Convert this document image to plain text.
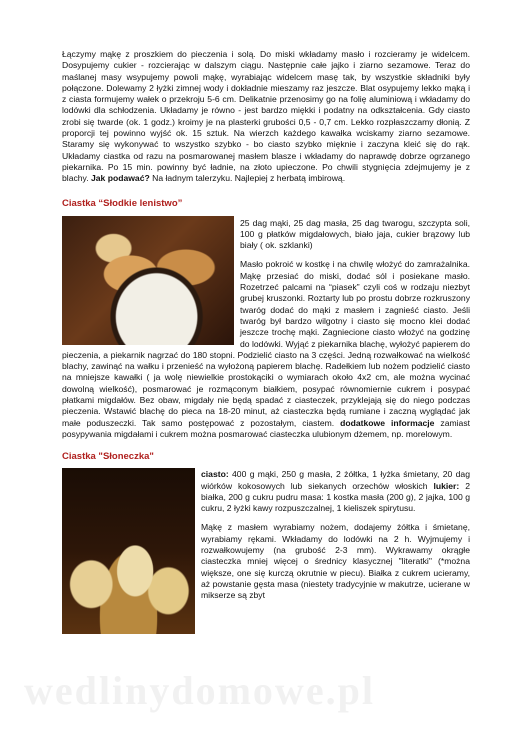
Łączymy mąkę z proszkiem do pieczenia i solą. Do miski wkładamy masło i rozcieramy je widelcem. Dosypujemy cukier - rozcierając w dalszym ciągu. Następnie całe jajko i ziarno sezamowe. Teraz do maślanej masy wsypujemy powoli mąkę, wyrabiając widelcem masę tak, by wszystkie składniki były połączone. Dolewamy 2 łyżki zimnej wody i dokładnie mieszamy raz jeszcze. Blat osypujemy lekko mąką i z ciasta formujemy wałek o przekroju 5-6 cm. Delikatnie przenosimy go na folię aluminiową i wkładamy do lodówki dla schłodzenia. Układamy je równo - jest bardzo miękki i podatny na odkształcenia. Gdy ciasto zrobi się twarde (ok. 1 godz.) kroimy je na plasterki grubości 0,5 - 0,7 cm. Lekko rozpłaszczamy dłonią. Z proporcji tej powinno wyjść ok. 15 sztuk. Na wierzch każdego kawałka wciskamy ziarno sezamowe. Staramy się wykonywać to wszystko szybko - bo ciasto szybko mięknie i zaczyna kleić się do rąk. Układamy ciastka od razu na posmarowanej masłem blasze i wkładamy do naprawdę dobrze ogrzanego piekarnika. Po 15 min. powinny być ładnie, na złoto upieczone. Po chwili stygnięcia zdejmujemy je z blachy. Jak podawać? Na ładnym talerzyku. Najlepiej z herbatą imbirową.

Ciastka “Słodkie lenistwo”

25 dag mąki, 25 dag masła, 25 dag twarogu, szczypta soli, 100 g płatków migdałowych, biało jaja, cukier brązowy lub biały ( ok. szklanki)

Masło pokroić w kostkę i na chwilę włożyć do zamrażalnika. Mąkę przesiać do miski, dodać sól i posiekane masło. Rozetrzeć palcami na “piasek” czyli coś w rodzaju niezbyt grubej kruszonki. Roztarty lub po prostu dobrze rozkruszony twaróg dodać do mąki z masłem i zagnieść ciasto. Jeśli twaróg był bardzo wilgotny i ciasto się mocno klei dodać jeszcze trochę mąki. Zagniecione ciasto włożyć na godzinę do lodówki. Wyjąć z piekarnika blachę, wyłożyć papierem do pieczenia, a piekarnik nagrzać do 180 stopni. Podzielić ciasto na 3 części. Jedną rozwałkować na wielkość blachy, zawinąć na wałku i przenieść na wyłożoną papierem blachę. Radełkiem lub nożem podzielić ciasto na mniejsze kawałki ( ja wolę niewielkie prostokąciki o wymiarach około 4x2 cm, ale można wycinać dowolną wielkość), posmarować je rozmąconym białkiem, posypać równomiernie cukrem i posypać płatkami migdałów. Bez obaw, migdały nie będą spadać z ciasteczek, przyklejają się do niego podczas pieczenia. Wstawić blachę do pieca na 18-20 minut, aż ciasteczka będą rumiane i zaczną wyglądać jak małe poduszeczki. Tak samo postępować z pozostałym, ciastem. dodatkowe informacje zamiast posypywania migdałami i cukrem można posmarować ciasteczka ulubionym dżemem, np. morelowym.

Ciastka "Słoneczka"

ciasto: 400 g mąki, 250 g masła, 2 żółtka, 1 łyżka śmietany, 20 dag wiórków kokosowych lub siekanych orzechów włoskich lukier: 2 białka, 200 g cukru pudru masa: 1 kostka masła (200 g), 2 jajka, 100 g cukru, 2 łyżki kawy rozpuszczalnej, 1 kieliszek spirytusu.

Mąkę z masłem wyrabiamy nożem, dodajemy żółtka i śmietanę, wyrabiamy rękami. Wkładamy do lodówki na 2 h. Wyjmujemy i rozwałkowujemy (na grubość 2-3 mm). Wykrawamy okrągłe ciasteczka mniej więcej o średnicy klasycznej "literatki" (*można większe, one się kurczą okrutnie w piecu). Białka z cukrem ucieramy, aż powstanie gęsta masa (niestety tradycyjnie w makutrze, ucierane w mikserze są zbyt

wedlinydomowe.pl
